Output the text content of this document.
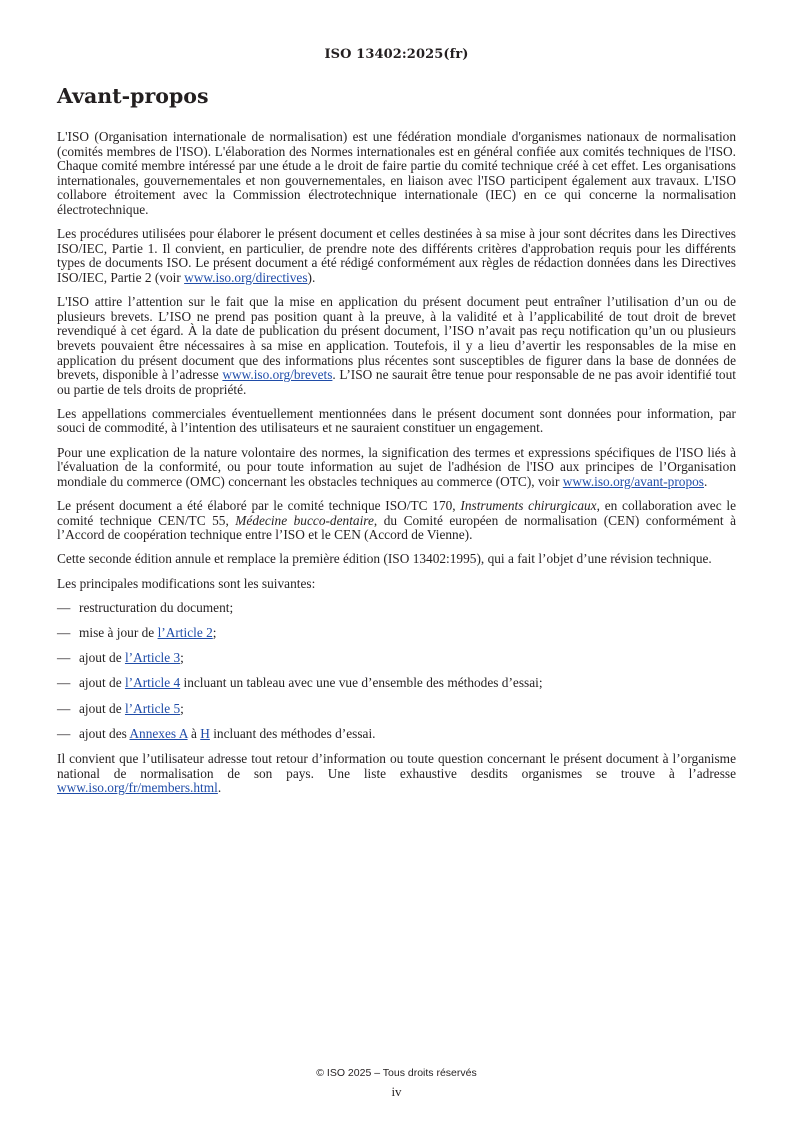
ISO 13402:2025(fr)
Avant-propos

L'ISO (Organisation internationale de normalisation) est une fédération mondiale d'organismes nationaux de normalisation (comités membres de l'ISO). L'élaboration des Normes internationales est en général confiée aux comités techniques de l'ISO. Chaque comité membre intéressé par une étude a le droit de faire partie du comité technique créé à cet effet. Les organisations internationales, gouvernementales et non gouvernementales, en liaison avec l'ISO participent également aux travaux. L'ISO collabore étroitement avec la Commission électrotechnique internationale (IEC) en ce qui concerne la normalisation électrotechnique.

Les procédures utilisées pour élaborer le présent document et celles destinées à sa mise à jour sont décrites dans les Directives ISO/IEC, Partie 1. Il convient, en particulier, de prendre note des différents critères d'approbation requis pour les différents types de documents ISO. Le présent document a été rédigé conformément aux règles de rédaction données dans les Directives ISO/IEC, Partie 2 (voir www.iso.org/directives).

L'ISO attire l’attention sur le fait que la mise en application du présent document peut entraîner l’utilisation d’un ou de plusieurs brevets. L’ISO ne prend pas position quant à la preuve, à la validité et à l’applicabilité de tout droit de brevet revendiqué à cet égard. À la date de publication du présent document, l’ISO n’avait pas reçu notification qu’un ou plusieurs brevets pouvaient être nécessaires à sa mise en application. Toutefois, il y a lieu d’avertir les responsables de la mise en application du présent document que des informations plus récentes sont susceptibles de figurer dans la base de données de brevets, disponible à l’adresse www.iso.org/brevets. L’ISO ne saurait être tenue pour responsable de ne pas avoir identifié tout ou partie de tels droits de propriété.

Les appellations commerciales éventuellement mentionnées dans le présent document sont données pour information, par souci de commodité, à l’intention des utilisateurs et ne sauraient constituer un engagement.

Pour une explication de la nature volontaire des normes, la signification des termes et expressions spécifiques de l'ISO liés à l'évaluation de la conformité, ou pour toute information au sujet de l'adhésion de l'ISO aux principes de l’Organisation mondiale du commerce (OMC) concernant les obstacles techniques au commerce (OTC), voir www.iso.org/avant-propos.

Le présent document a été élaboré par le comité technique ISO/TC 170, Instruments chirurgicaux, en collaboration avec le comité technique CEN/TC 55, Médecine bucco-dentaire, du Comité européen de normalisation (CEN) conformément à l’Accord de coopération technique entre l’ISO et le CEN (Accord de Vienne).

Cette seconde édition annule et remplace la première édition (ISO 13402:1995), qui a fait l’objet d’une révision technique.

Les principales modifications sont les suivantes:

— restructuration du document;
— mise à jour de l’Article 2;
— ajout de l’Article 3;
— ajout de l’Article 4 incluant un tableau avec une vue d’ensemble des méthodes d’essai;
— ajout de l’Article 5;
— ajout des Annexes A à H incluant des méthodes d’essai.

Il convient que l’utilisateur adresse tout retour d’information ou toute question concernant le présent document à l’organisme national de normalisation de son pays. Une liste exhaustive desdits organismes se trouve à l’adresse www.iso.org/fr/members.html.

© ISO 2025 – Tous droits réservés
iv
